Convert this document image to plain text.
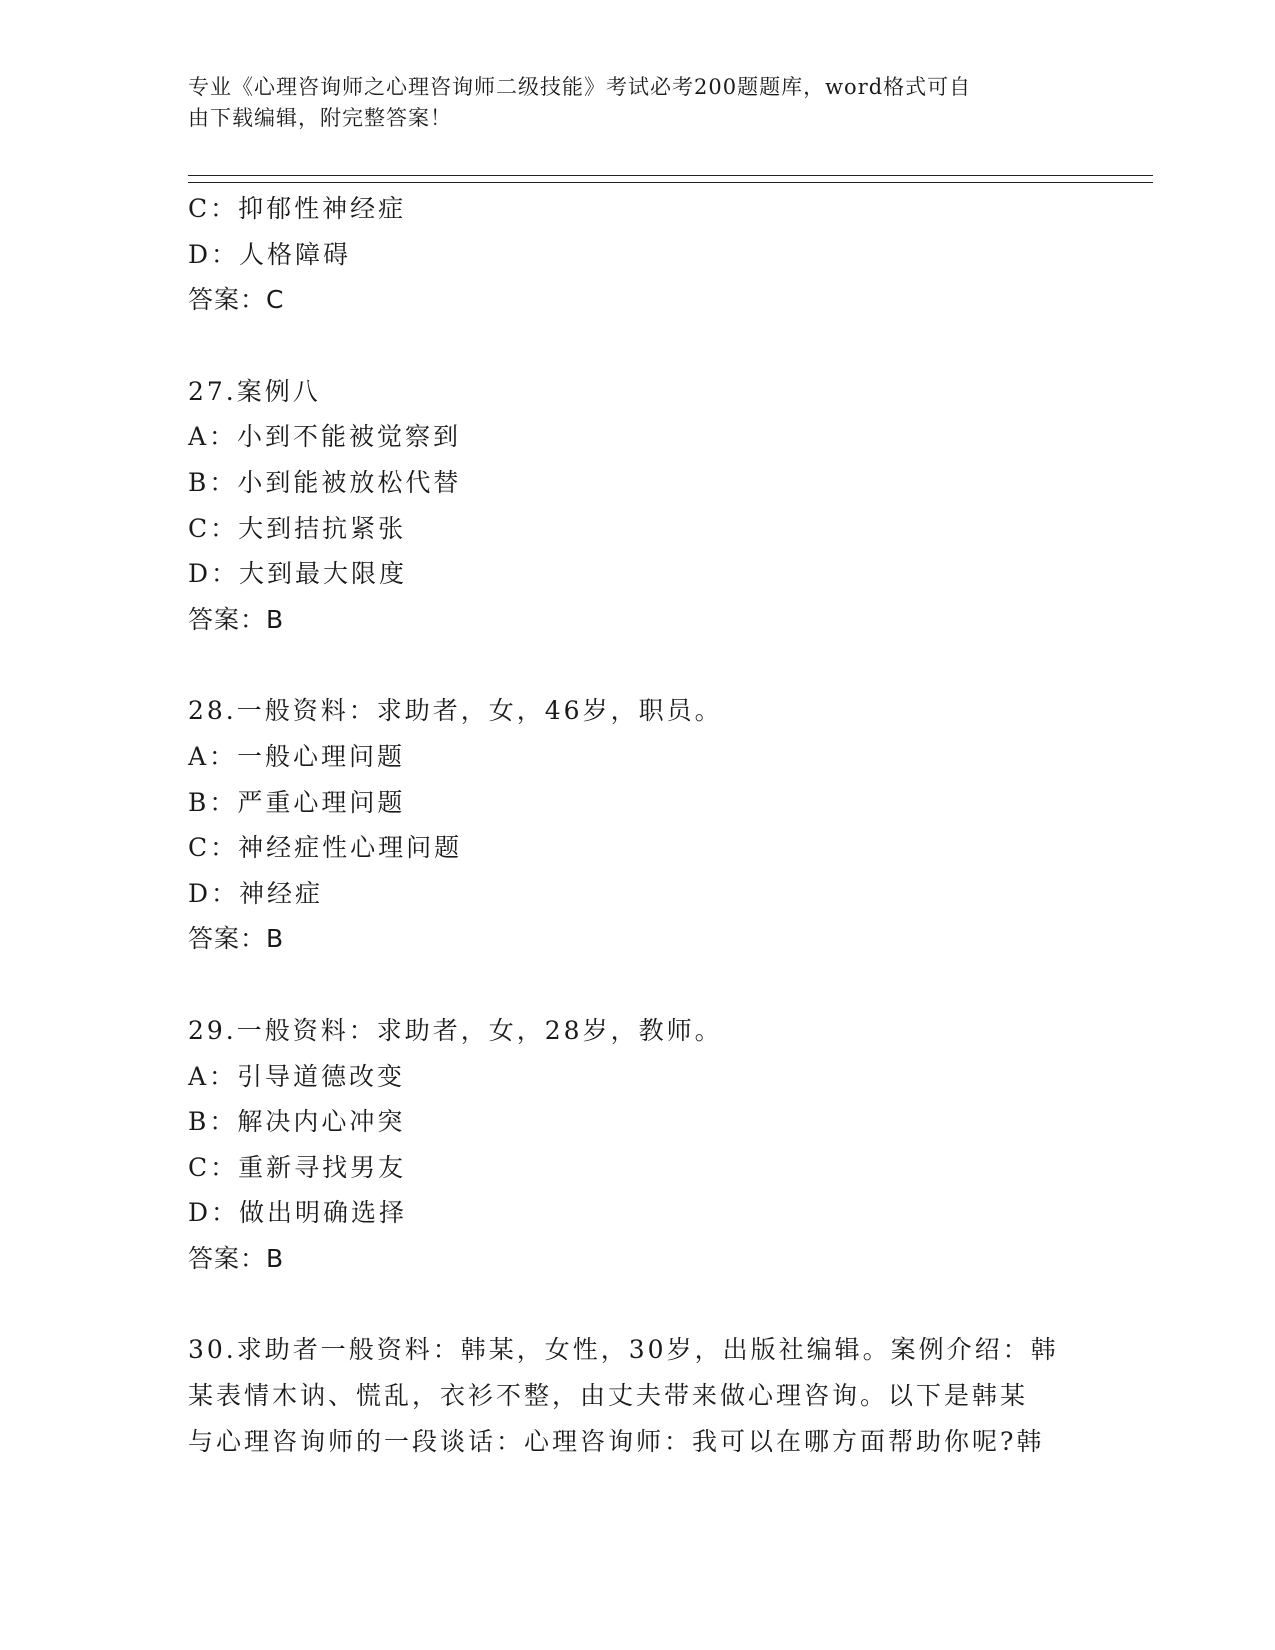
专业《心理咨询师之心理咨询师二级技能》考试必考200题题库，word格式可自
由下载编辑，附完整答案！
C：抑郁性神经症
D：人格障碍
答案：C
27.案例八
A：小到不能被觉察到
B：小到能被放松代替
C：大到拮抗紧张
D：大到最大限度
答案：B
28.一般资料：求助者，女，46岁，职员。
A：一般心理问题
B：严重心理问题
C：神经症性心理问题
D：神经症
答案：B
29.一般资料：求助者，女，28岁，教师。
A：引导道德改变
B：解决内心冲突
C：重新寻找男友
D：做出明确选择
答案：B
30.求助者一般资料：韩某，女性，30岁，出版社编辑。案例介绍：韩
某表情木讷、慌乱，衣衫不整，由丈夫带来做心理咨询。以下是韩某
与心理咨询师的一段谈话：心理咨询师：我可以在哪方面帮助你呢?韩
